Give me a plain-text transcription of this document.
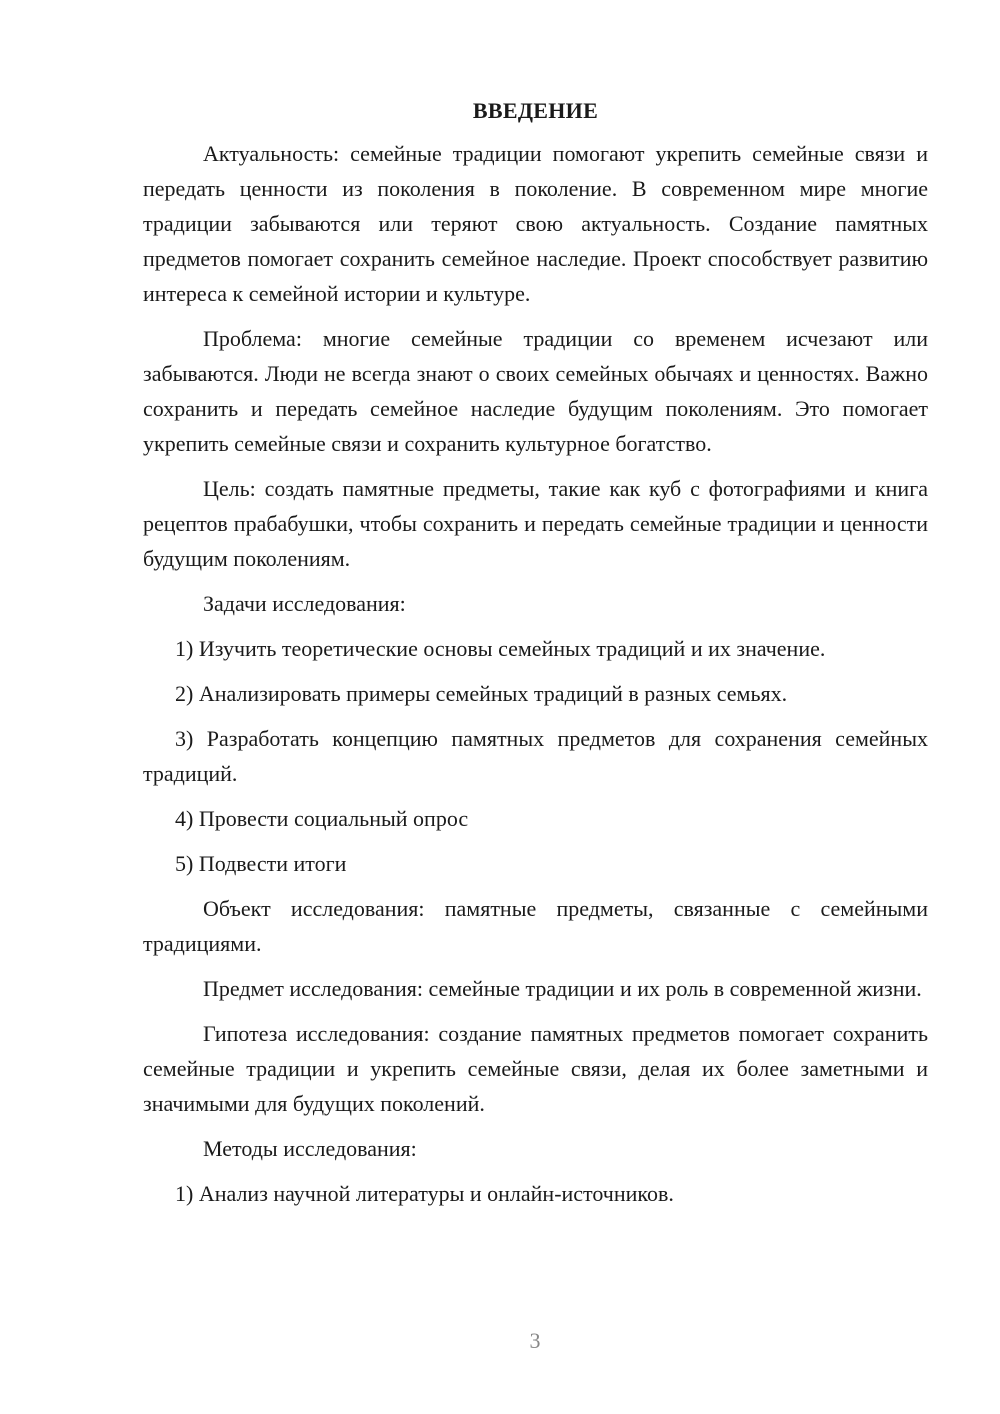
ВВЕДЕНИЕ

Актуальность: семейные традиции помогают укрепить семейные связи и передать ценности из поколения в поколение. В современном мире многие традиции забываются или теряют свою актуальность. Создание памятных предметов помогает сохранить семейное наследие. Проект способствует развитию интереса к семейной истории и культуре.

Проблема: многие семейные традиции со временем исчезают или забываются. Люди не всегда знают о своих семейных обычаях и ценностях. Важно сохранить и передать семейное наследие будущим поколениям. Это помогает укрепить семейные связи и сохранить культурное богатство.

Цель: создать памятные предметы, такие как куб с фотографиями и книга рецептов прабабушки, чтобы сохранить и передать семейные традиции и ценности будущим поколениям.

Задачи исследования:

1) Изучить теоретические основы семейных традиций и их значение.

2) Анализировать примеры семейных традиций в разных семьях.

3) Разработать концепцию памятных предметов для сохранения семейных традиций.

4) Провести социальный опрос

5) Подвести итоги

Объект исследования: памятные предметы, связанные с семейными традициями.

Предмет исследования: семейные традиции и их роль в современной жизни.

Гипотеза исследования: создание памятных предметов помогает сохранить семейные традиции и укрепить семейные связи, делая их более заметными и значимыми для будущих поколений.

Методы исследования:

1) Анализ научной литературы и онлайн-источников.

3
